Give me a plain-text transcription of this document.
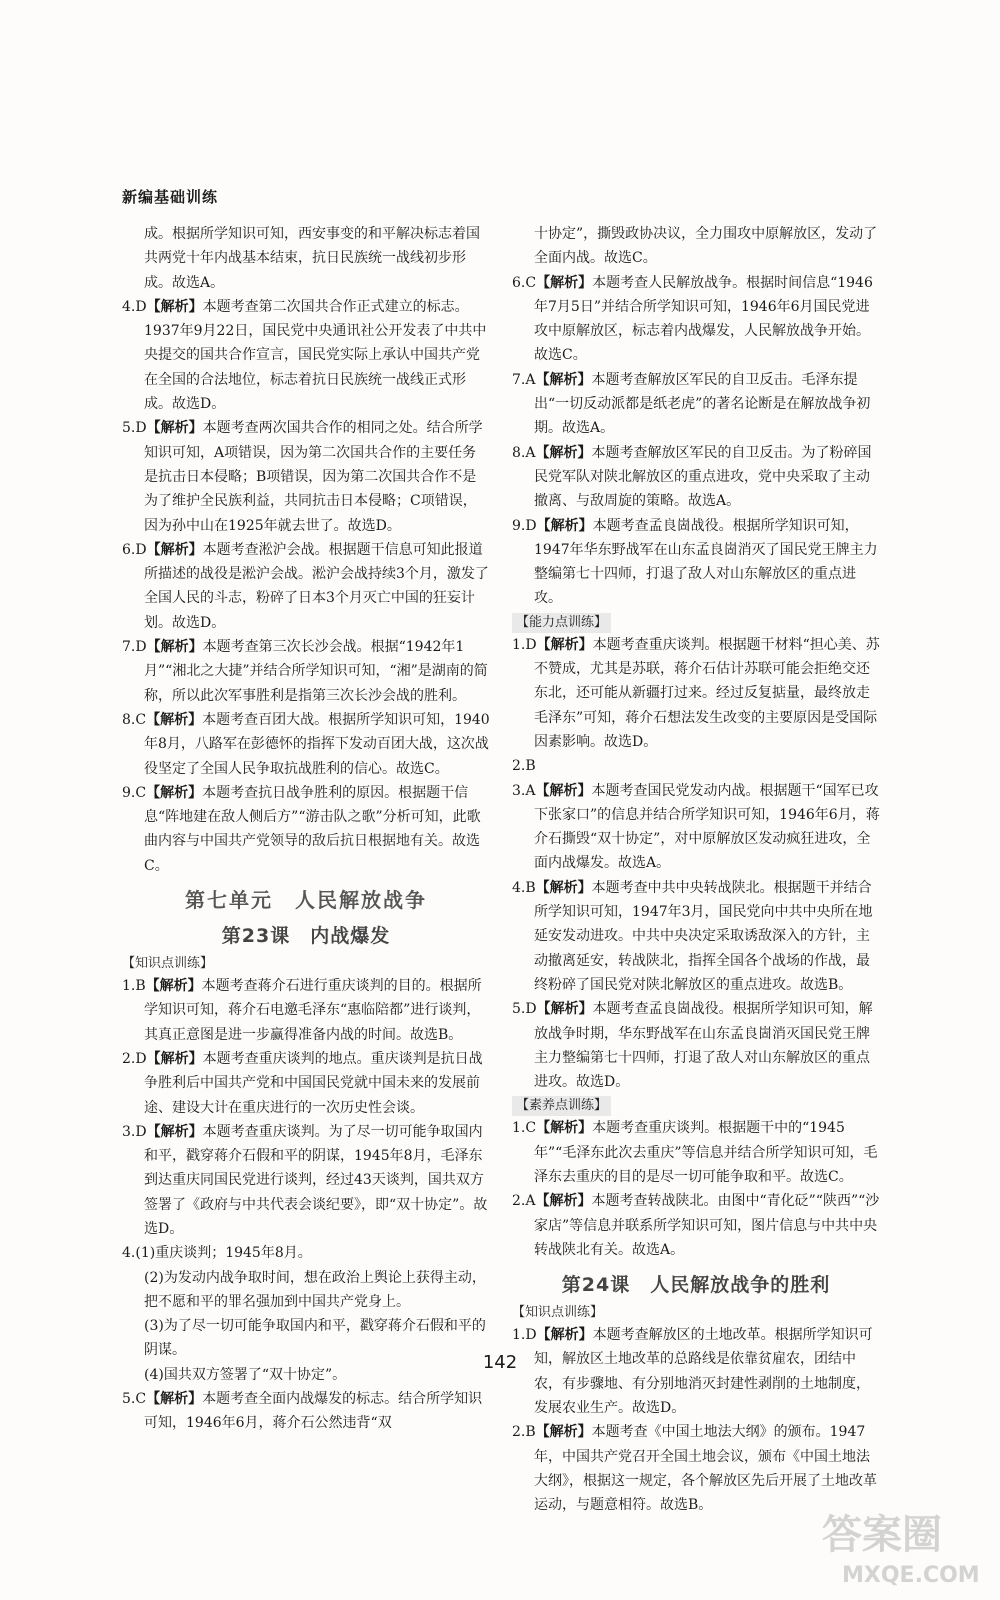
新编基础训练

成。根据所学知识可知，西安事变的和平解决标志着国共两党十年内战基本结束，抗日民族统一战线初步形成。故选A。

4.D【解析】本题考查第二次国共合作正式建立的标志。1937年9月22日，国民党中央通讯社公开发表了中共中央提交的国共合作宣言，国民党实际上承认中国共产党在全国的合法地位，标志着抗日民族统一战线正式形成。故选D。

5.D【解析】本题考查两次国共合作的相同之处。结合所学知识可知，A项错误，因为第二次国共合作的主要任务是抗击日本侵略；B项错误，因为第二次国共合作不是为了维护全民族利益，共同抗击日本侵略；C项错误，因为孙中山在1925年就去世了。故选D。

6.D【解析】本题考查淞沪会战。根据题干信息可知此报道所描述的战役是淞沪会战。淞沪会战持续3个月，激发了全国人民的斗志，粉碎了日本3个月灭亡中国的狂妄计划。故选D。

7.D【解析】本题考查第三次长沙会战。根据“1942年1月”“湘北之大捷”并结合所学知识可知，“湘”是湖南的简称，所以此次军事胜利是指第三次长沙会战的胜利。

8.C【解析】本题考查百团大战。根据所学知识可知，1940年8月，八路军在彭德怀的指挥下发动百团大战，这次战役坚定了全国人民争取抗战胜利的信心。故选C。

9.C【解析】本题考查抗日战争胜利的原因。根据题干信息“阵地建在敌人侧后方”“游击队之歌”分析可知，此歌曲内容与中国共产党领导的敌后抗日根据地有关。故选C。

第七单元　人民解放战争
第23课　内战爆发
【知识点训练】

1.B【解析】本题考查蒋介石进行重庆谈判的目的。根据所学知识可知，蒋介石电邀毛泽东“惠临陪都”进行谈判，其真正意图是进一步赢得准备内战的时间。故选B。

2.D【解析】本题考查重庆谈判的地点。重庆谈判是抗日战争胜利后中国共产党和中国国民党就中国未来的发展前途、建设大计在重庆进行的一次历史性会谈。

3.D【解析】本题考查重庆谈判。为了尽一切可能争取国内和平，戳穿蒋介石假和平的阴谋，1945年8月，毛泽东到达重庆同国民党进行谈判，经过43天谈判，国共双方签署了《政府与中共代表会谈纪要》，即“双十协定”。故选D。

4.(1)重庆谈判；1945年8月。

(2)为发动内战争取时间，想在政治上舆论上获得主动，把不愿和平的罪名强加到中国共产党身上。

(3)为了尽一切可能争取国内和平，戳穿蒋介石假和平的阴谋。

(4)国共双方签署了“双十协定”。

5.C【解析】本题考查全面内战爆发的标志。结合所学知识可知，1946年6月，蒋介石公然违背“双

十协定”，撕毁政协决议，全力围攻中原解放区，发动了全面内战。故选C。

6.C【解析】本题考查人民解放战争。根据时间信息“1946年7月5日”并结合所学知识可知，1946年6月国民党进攻中原解放区，标志着内战爆发，人民解放战争开始。故选C。

7.A【解析】本题考查解放区军民的自卫反击。毛泽东提出“一切反动派都是纸老虎”的著名论断是在解放战争初期。故选A。

8.A【解析】本题考查解放区军民的自卫反击。为了粉碎国民党军队对陕北解放区的重点进攻，党中央采取了主动撤离、与敌周旋的策略。故选A。

9.D【解析】本题考查孟良崮战役。根据所学知识可知，1947年华东野战军在山东孟良崮消灭了国民党王牌主力整编第七十四师，打退了敌人对山东解放区的重点进攻。

【能力点训练】

1.D【解析】本题考查重庆谈判。根据题干材料“担心美、苏不赞成，尤其是苏联，蒋介石估计苏联可能会拒绝交还东北，还可能从新疆打过来。经过反复掂量，最终放走毛泽东”可知，蒋介石想法发生改变的主要原因是受国际因素影响。故选D。

2.B

3.A【解析】本题考查国民党发动内战。根据题干“国军已攻下张家口”的信息并结合所学知识可知，1946年6月，蒋介石撕毁“双十协定”，对中原解放区发动疯狂进攻，全面内战爆发。故选A。

4.B【解析】本题考查中共中央转战陕北。根据题干并结合所学知识可知，1947年3月，国民党向中共中央所在地延安发动进攻。中共中央决定采取诱敌深入的方针，主动撤离延安，转战陕北，指挥全国各个战场的作战，最终粉碎了国民党对陕北解放区的重点进攻。故选B。

5.D【解析】本题考查孟良崮战役。根据所学知识可知，解放战争时期，华东野战军在山东孟良崮消灭国民党王牌主力整编第七十四师，打退了敌人对山东解放区的重点进攻。故选D。

【素养点训练】

1.C【解析】本题考查重庆谈判。根据题干中的“1945年”“毛泽东此次去重庆”等信息并结合所学知识可知，毛泽东去重庆的目的是尽一切可能争取和平。故选C。

2.A【解析】本题考查转战陕北。由图中“青化砭”“陕西”“沙家店”等信息并联系所学知识可知，图片信息与中共中央转战陕北有关。故选A。

第24课　人民解放战争的胜利
【知识点训练】

1.D【解析】本题考查解放区的土地改革。根据所学知识可知，解放区土地改革的总路线是依靠贫雇农，团结中农，有步骤地、有分别地消灭封建性剥削的土地制度，发展农业生产。故选D。

2.B【解析】本题考查《中国土地法大纲》的颁布。1947年，中国共产党召开全国土地会议，颁布《中国土地法大纲》，根据这一规定，各个解放区先后开展了土地改革运动，与题意相符。故选B。

142
答案圈
MXQE.COM
